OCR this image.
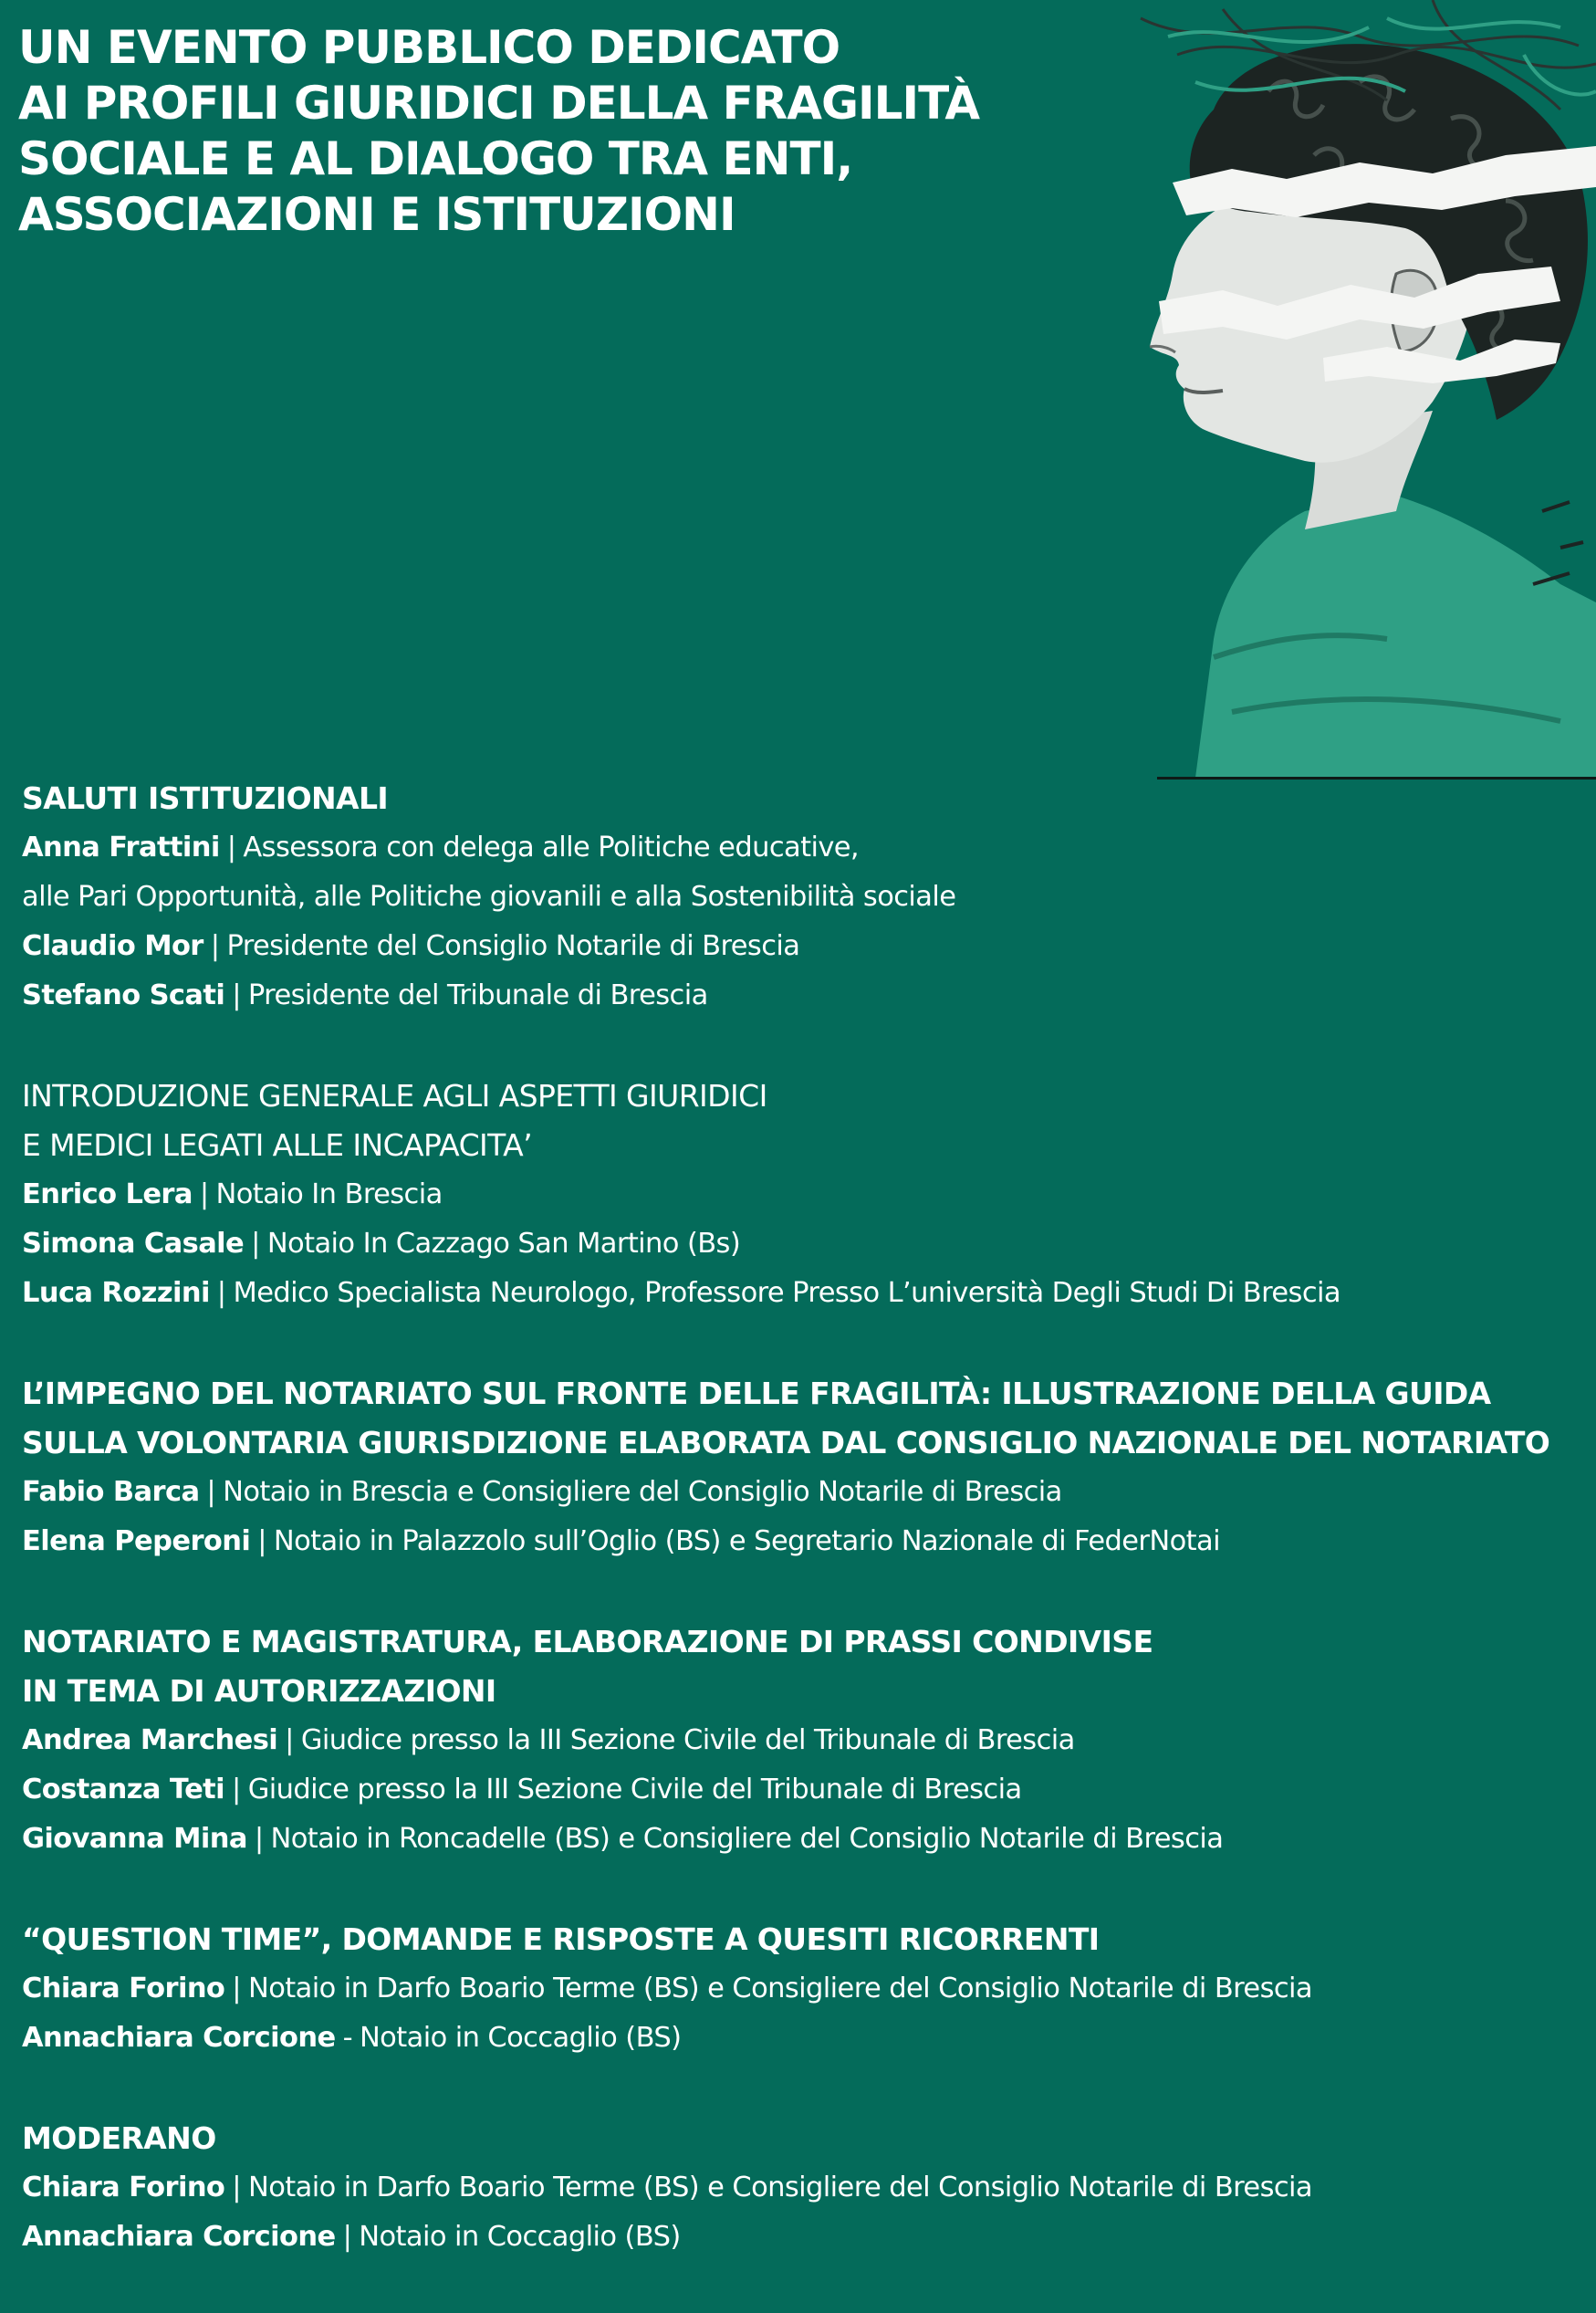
UN EVENTO PUBBLICO DEDICATO
AI PROFILI GIURIDICI DELLA FRAGILITÀ
SOCIALE E AL DIALOGO TRA ENTI,
ASSOCIAZIONI E ISTITUZIONI
SALUTI ISTITUZIONALI
Anna Frattini | Assessora con delega alle Politiche educative,
alle Pari Opportunità, alle Politiche giovanili e alla Sostenibilità sociale
Claudio Mor | Presidente del Consiglio Notarile di Brescia
Stefano Scati | Presidente del Tribunale di Brescia
INTRODUZIONE GENERALE AGLI ASPETTI GIURIDICI
E MEDICI LEGATI ALLE INCAPACITA’
Enrico Lera | Notaio In Brescia
Simona Casale | Notaio In Cazzago San Martino (Bs)
Luca Rozzini | Medico Specialista Neurologo, Professore Presso L’università Degli Studi Di Brescia
L’IMPEGNO DEL NOTARIATO SUL FRONTE DELLE FRAGILITÀ: ILLUSTRAZIONE DELLA GUIDA
SULLA VOLONTARIA GIURISDIZIONE ELABORATA DAL CONSIGLIO NAZIONALE DEL NOTARIATO
Fabio Barca | Notaio in Brescia e Consigliere del Consiglio Notarile di Brescia
Elena Peperoni | Notaio in Palazzolo sull’Oglio (BS) e Segretario Nazionale di FederNotai
NOTARIATO E MAGISTRATURA, ELABORAZIONE DI PRASSI CONDIVISE
IN TEMA DI AUTORIZZAZIONI
Andrea Marchesi | Giudice presso la III Sezione Civile del Tribunale di Brescia
Costanza Teti | Giudice presso la III Sezione Civile del Tribunale di Brescia
Giovanna Mina | Notaio in Roncadelle (BS) e Consigliere del Consiglio Notarile di Brescia
“QUESTION TIME”, DOMANDE E RISPOSTE A QUESITI RICORRENTI
Chiara Forino | Notaio in Darfo Boario Terme (BS) e Consigliere del Consiglio Notarile di Brescia
Annachiara Corcione - Notaio in Coccaglio (BS)
MODERANO
Chiara Forino | Notaio in Darfo Boario Terme (BS) e Consigliere del Consiglio Notarile di Brescia
Annachiara Corcione | Notaio in Coccaglio (BS)
